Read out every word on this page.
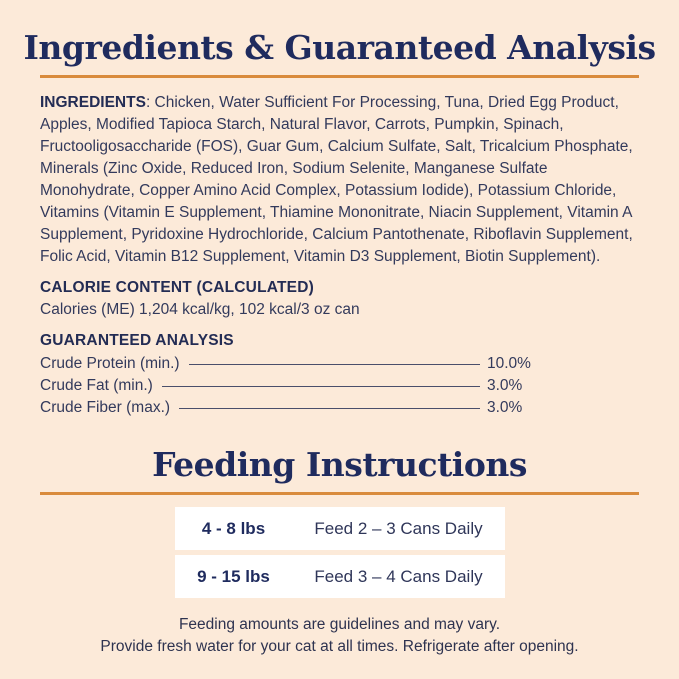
Ingredients & Guaranteed Analysis

INGREDIENTS: Chicken, Water Sufficient For Processing, Tuna, Dried Egg Product, Apples, Modified Tapioca Starch, Natural Flavor, Carrots, Pumpkin, Spinach, Fructooligosaccharide (FOS), Guar Gum, Calcium Sulfate, Salt, Tricalcium Phosphate, Minerals (Zinc Oxide, Reduced Iron, Sodium Selenite, Manganese Sulfate Monohydrate, Copper Amino Acid Complex, Potassium Iodide), Potassium Chloride, Vitamins (Vitamin E Supplement, Thiamine Mononitrate, Niacin Supplement, Vitamin A Supplement, Pyridoxine Hydrochloride, Calcium Pantothenate, Riboflavin Supplement, Folic Acid, Vitamin B12 Supplement, Vitamin D3 Supplement, Biotin Supplement).

CALORIE CONTENT (CALCULATED)
Calories (ME) 1,204 kcal/kg, 102 kcal/3 oz can
GUARANTEED ANALYSIS
Crude Protein (min.)	10.0%
Crude Fat (min.)	3.0%
Crude Fiber (max.)	3.0%
Feeding Instructions
4 - 8 lbs	Feed 2 – 3 Cans Daily
9 - 15 lbs	Feed 3 – 4 Cans Daily
Feeding amounts are guidelines and may vary.
Provide fresh water for your cat at all times. Refrigerate after opening.
